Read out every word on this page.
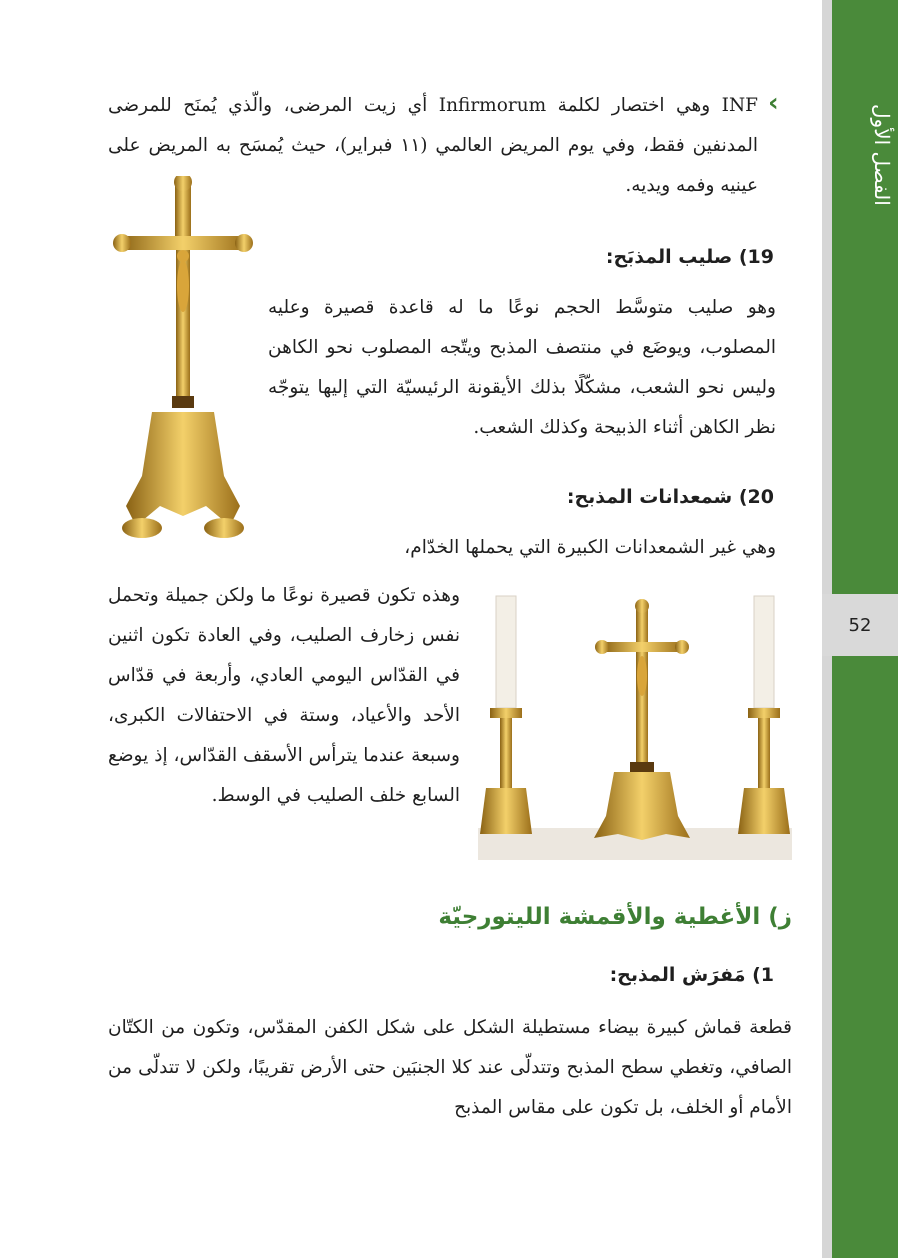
الفصل الأول
52
‹
INF وهي اختصار لكلمة Infirmorum أي زيت المرضى، والّذي يُمنَح للمرضى المدنفين فقط، وفي يوم المريض العالمي (١١ فبراير)، حيث يُمسَح به المريض على عينيه وفمه ويديه.
19) صليب المذبَح:
وهو صليب متوسَّط الحجم نوعًا ما له قاعدة قصيرة وعليه المصلوب، ويوضَع في منتصف المذبح ويتّجه المصلوب نحو الكاهن وليس نحو الشعب، مشكّلًا بذلك الأيقونة الرئيسيّة التي إليها يتوجّه نظر الكاهن أثناء الذبيحة وكذلك الشعب.
20) شمعدانات المذبح:
وهي غير الشمعدانات الكبيرة التي يحملها الخدّام،
وهذه تكون قصيرة نوعًا ما ولكن جميلة وتحمل نفس زخارف الصليب، وفي العادة تكون اثنين في القدّاس اليومي العادي، وأربعة في قدّاس الأحد والأعياد، وستة في الاحتفالات الكبرى، وسبعة عندما يترأس الأسقف القدّاس، إذ يوضع السابع خلف الصليب في الوسط.
ز) الأغطية والأقمشة الليتورجيّة
1) مَفرَش المذبح:
قطعة قماش كبيرة بيضاء مستطيلة الشكل على شكل الكفن المقدّس، وتكون من الكتّان الصافي، وتغطي سطح المذبح وتتدلّى عند كلا الجنبَين حتى الأرض تقريبًا، ولكن لا تتدلّى من الأمام أو الخلف، بل تكون على مقاس المذبح
